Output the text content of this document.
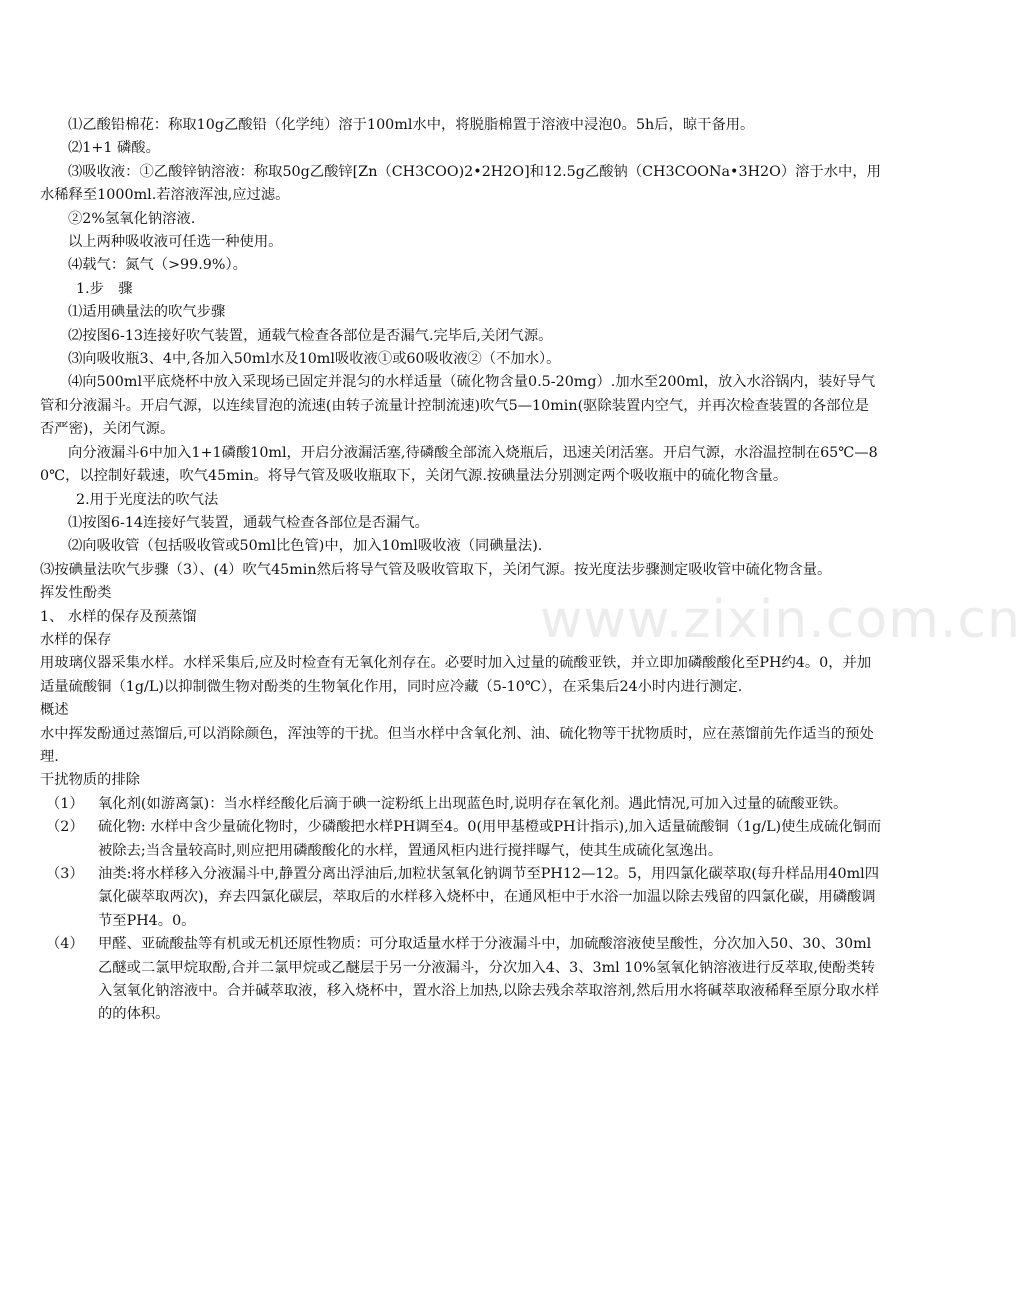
www.zixin.com.cn

⑴乙酸铅棉花：称取10g乙酸铅（化学纯）溶于100ml水中，将脱脂棉置于溶液中浸泡0。5h后，晾干备用。

⑵1+1 磷酸。

⑶吸收液：①乙酸锌钠溶液：称取50g乙酸锌[Zn（CH3COO)2•2H2O]和12.5g乙酸钠（CH3COONa•3H2O）溶于水中，用水稀释至1000ml.若溶液浑浊,应过滤。

②2%氢氧化钠溶液.

以上两种吸收液可任选一种使用。

⑷载气：氮气（>99.9%）。

1.步　骤

⑴适用碘量法的吹气步骤

⑵按图6-13连接好吹气装置，通载气检查各部位是否漏气.完毕后,关闭气源。

⑶向吸收瓶3、4中,各加入50ml水及10ml吸收液①或60吸收液②（不加水）。

⑷向500ml平底烧杯中放入采现场已固定并混匀的水样适量（硫化物含量0.5-20mg）.加水至200ml，放入水浴锅内，装好导气管和分液漏斗。开启气源，以连续冒泡的流速(由转子流量计控制流速)吹气5—10min(驱除装置内空气，并再次检查装置的各部位是否严密)，关闭气源。

向分液漏斗6中加入1+1磷酸10ml，开启分液漏活塞,待磷酸全部流入烧瓶后，迅速关闭活塞。开启气源，水浴温控制在65℃—80℃，以控制好载速，吹气45min。将导气管及吸收瓶取下，关闭气源.按碘量法分别测定两个吸收瓶中的硫化物含量。

2.用于光度法的吹气法

⑴按图6-14连接好气装置，通载气检查各部位是否漏气。

⑵向吸收管（包括吸收管或50ml比色管)中，加入10ml吸收液（同碘量法).

⑶按碘量法吹气步骤（3）、(4）吹气45min然后将导气管及吸收管取下，关闭气源。按光度法步骤测定吸收管中硫化物含量。

挥发性酚类

1、 水样的保存及预蒸馏

水样的保存

用玻璃仪器采集水样。水样采集后,应及时检查有无氧化剂存在。必要时加入过量的硫酸亚铁，并立即加磷酸酸化至PH约4。0，并加适量硫酸铜（1g/L)以抑制微生物对酚类的生物氧化作用，同时应冷藏（5-10℃），在采集后24小时内进行测定.

概述

水中挥发酚通过蒸馏后,可以消除颜色，浑浊等的干扰。但当水样中含氧化剂、油、硫化物等干扰物质时，应在蒸馏前先作适当的预处理.

干扰物质的排除

（1） 氧化剂(如游离氯)：当水样经酸化后滴于碘一淀粉纸上出现蓝色时,说明存在氧化剂。遇此情况,可加入过量的硫酸亚铁。
（2） 硫化物: 水样中含少量硫化物时，少磷酸把水样PH调至4。0(用甲基橙或PH计指示),加入适量硫酸铜（1g/L)使生成硫化铜而被除去;当含量较高时,则应把用磷酸酸化的水样，置通风柜内进行搅拌曝气，使其生成硫化氢逸出。
（3） 油类:将水样移入分液漏斗中,静置分离出浮油后,加粒状氢氧化钠调节至PH12—12。5，用四氯化碳萃取(每升样品用40ml四氯化碳萃取两次)，弃去四氯化碳层，萃取后的水样移入烧杯中，在通风柜中于水浴一加温以除去残留的四氯化碳，用磷酸调节至PH4。0。
（4） 甲醛、亚硫酸盐等有机或无机还原性物质：可分取适量水样于分液漏斗中，加硫酸溶液使呈酸性，分次加入50、30、30ml 乙醚或二氯甲烷取酚,合并二氯甲烷或乙醚层于另一分液漏斗，分次加入4、3、3ml 10%氢氧化钠溶液进行反萃取,使酚类转入氢氧化钠溶液中。合并碱萃取液，移入烧杯中，置水浴上加热,以除去残余萃取溶剂,然后用水将碱萃取液稀释至原分取水样的的体积。
